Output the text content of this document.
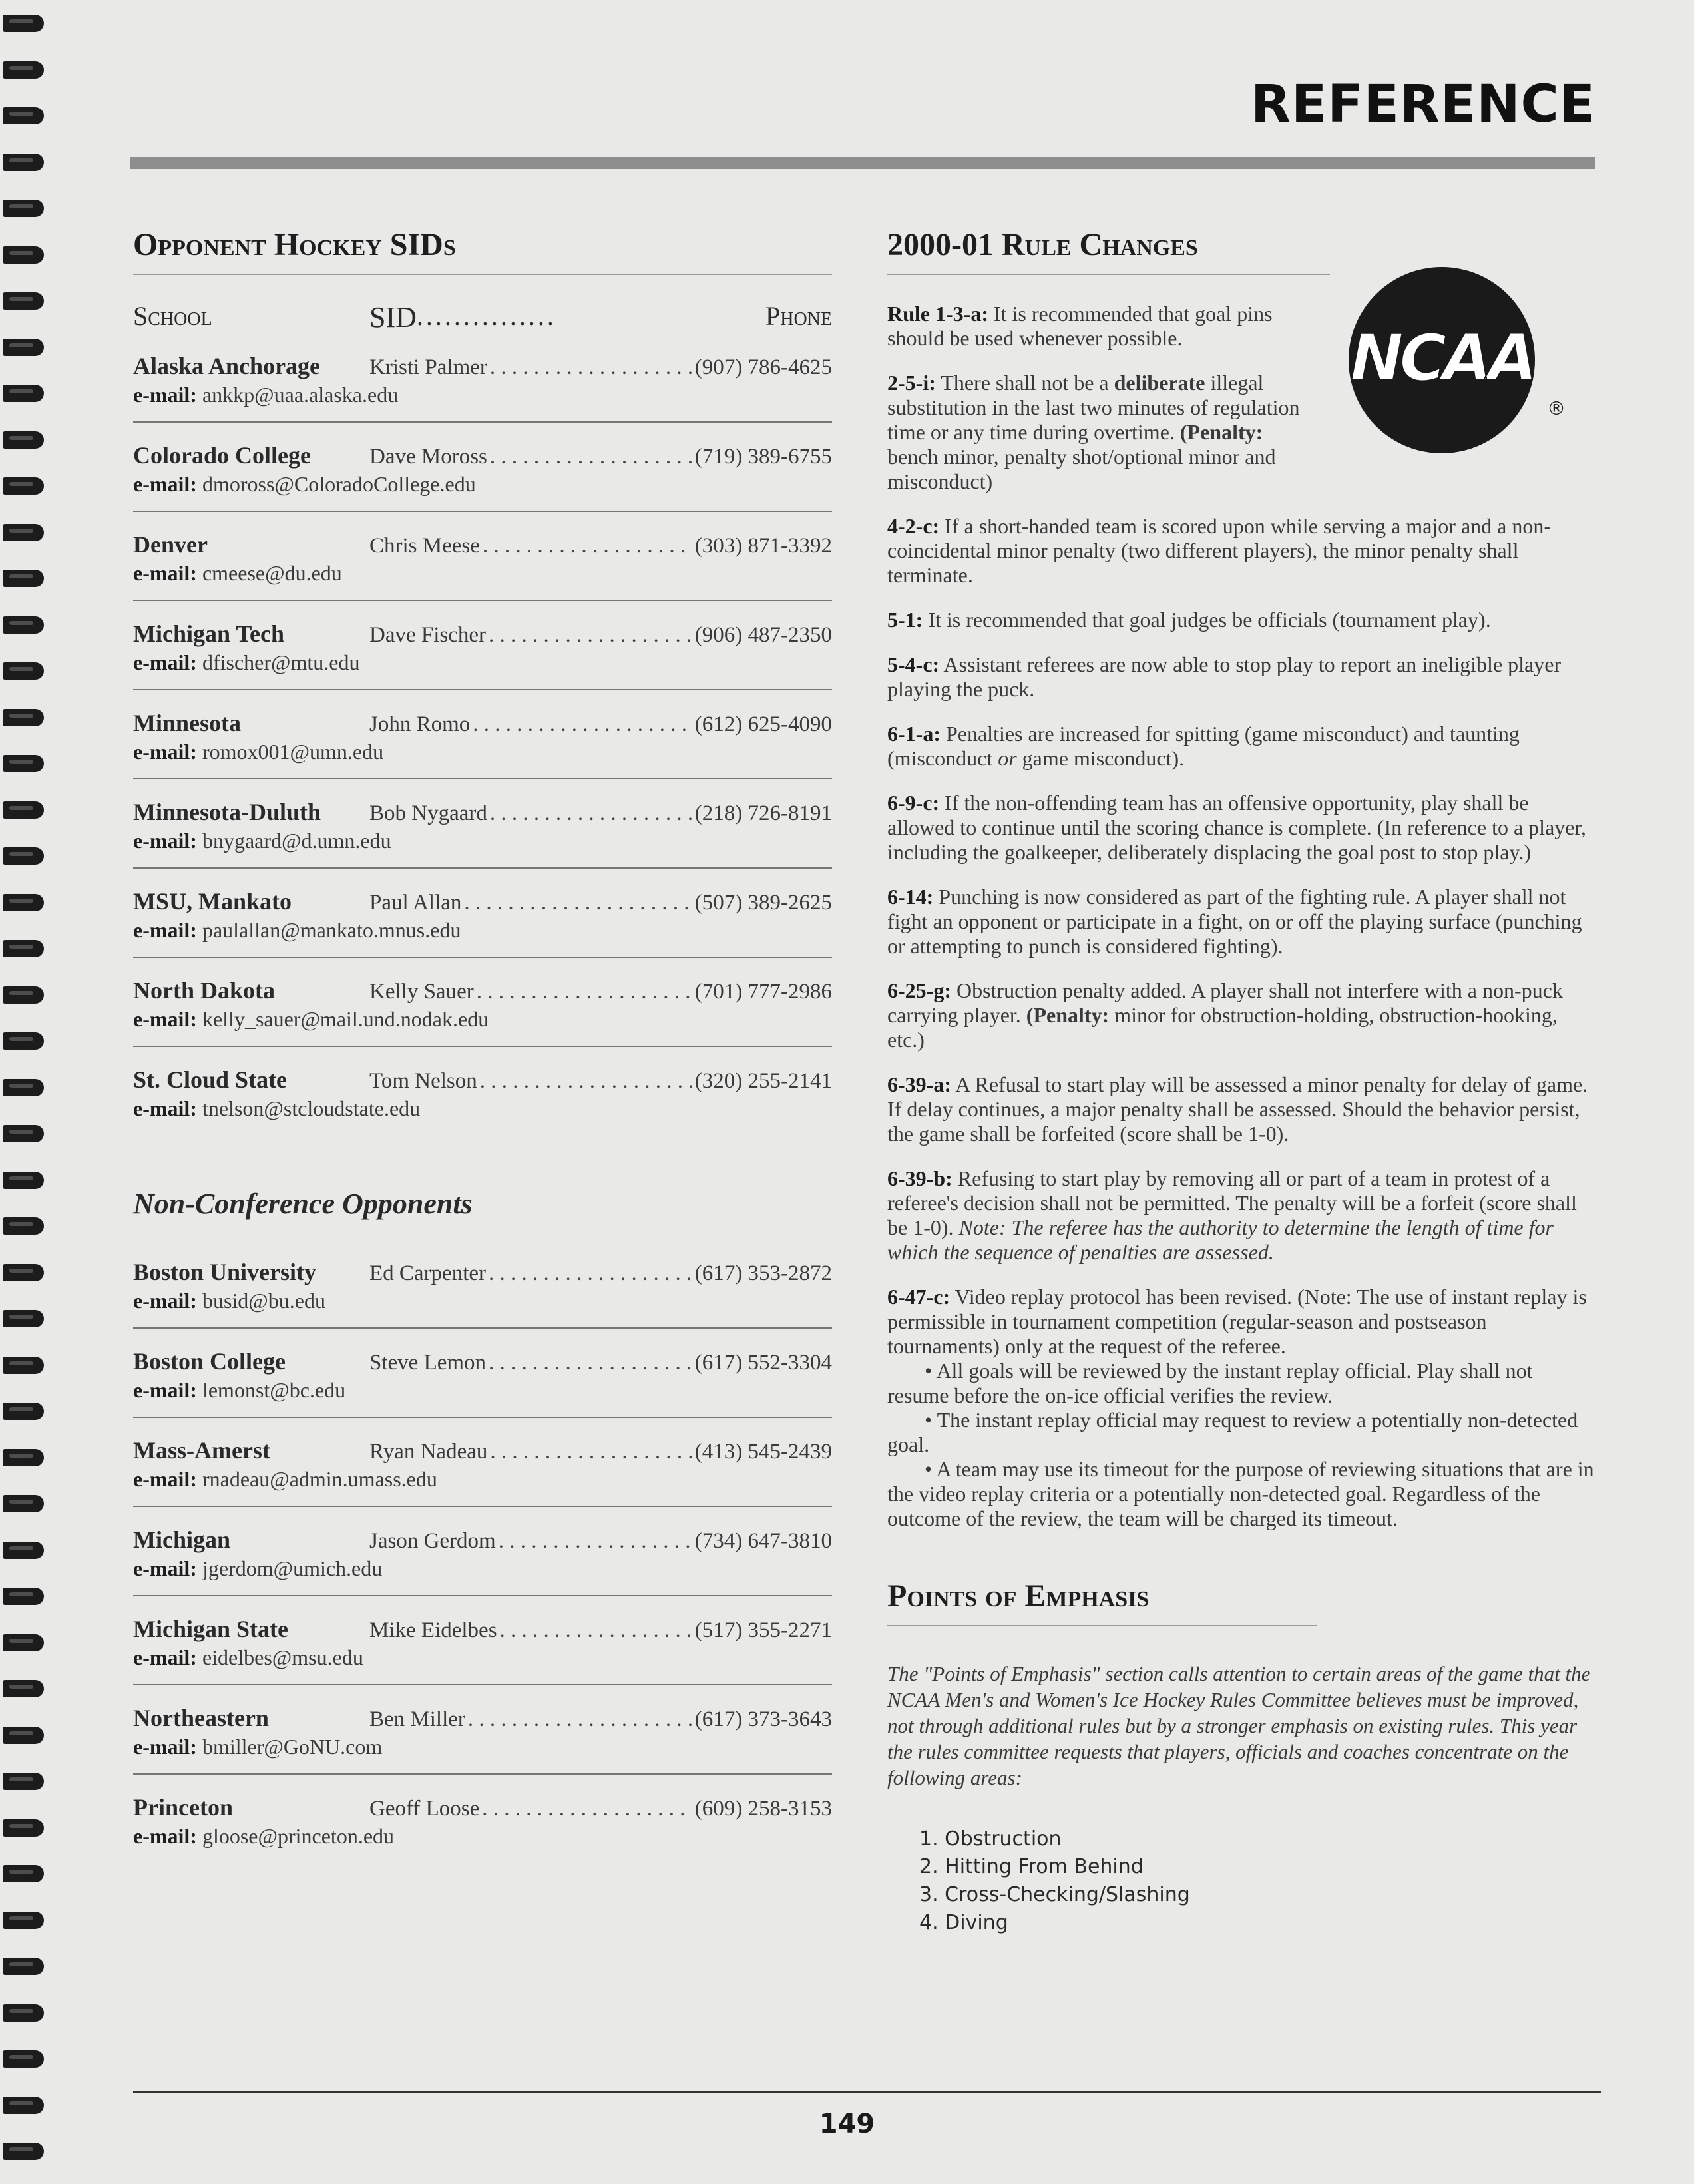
REFERENCE
Opponent Hockey SIDs
School	SID ...............	Phone
Alaska Anchorage	Kristi Palmer . . .	(907) 786-4625
e-mail: ankkp@uaa.alaska.edu
Colorado College	Dave Moross . . .	(719) 389-6755
e-mail: dmoross@ColoradoCollege.edu
Denver	Chris Meese . . .	(303) 871-3392
e-mail: cmeese@du.edu
Michigan Tech	Dave Fischer . . .	(906) 487-2350
e-mail: dfischer@mtu.edu
Minnesota	John Romo . . .	(612) 625-4090
e-mail: romox001@umn.edu
Minnesota-Duluth	Bob Nygaard . . .	(218) 726-8191
e-mail: bnygaard@d.umn.edu
MSU, Mankato	Paul Allan . . .	(507) 389-2625
e-mail: paulallan@mankato.mnus.edu
North Dakota	Kelly Sauer . . .	(701) 777-2986
e-mail: kelly_sauer@mail.und.nodak.edu
St. Cloud State	Tom Nelson . . .	(320) 255-2141
e-mail: tnelson@stcloudstate.edu
Non-Conference Opponents
Boston University	Ed Carpenter . . .	(617) 353-2872
e-mail: busid@bu.edu
Boston College	Steve Lemon . . .	(617) 552-3304
e-mail: lemonst@bc.edu
Mass-Amerst	Ryan Nadeau . . .	(413) 545-2439
e-mail: rnadeau@admin.umass.edu
Michigan	Jason Gerdom . . .	(734) 647-3810
e-mail: jgerdom@umich.edu
Michigan State	Mike Eidelbes . . .	(517) 355-2271
e-mail: eidelbes@msu.edu
Northeastern	Ben Miller . . .	(617) 373-3643
e-mail: bmiller@GoNU.com
Princeton	Geoff Loose . . .	(609) 258-3153
e-mail: gloose@princeton.edu
2000-01 Rule Changes
NCAA
®
Rule 1-3-a: It is recommended that goal pins should be used whenever possible.
2-5-i: There shall not be a deliberate illegal substitution in the last two minutes of regulation time or any time during overtime. (Penalty: bench minor, penalty shot/optional minor and misconduct)
4-2-c: If a short-handed team is scored upon while serving a major and a non-coincidental minor penalty (two different players), the minor penalty shall terminate.
5-1: It is recommended that goal judges be officials (tournament play).
5-4-c: Assistant referees are now able to stop play to report an ineligible player playing the puck.
6-1-a: Penalties are increased for spitting (game misconduct) and taunting (misconduct or game misconduct).
6-9-c: If the non-offending team has an offensive opportunity, play shall be allowed to continue until the scoring chance is complete. (In reference to a player, including the goalkeeper, deliberately displacing the goal post to stop play.)
6-14: Punching is now considered as part of the fighting rule. A player shall not fight an opponent or participate in a fight, on or off the playing surface (punching or attempting to punch is considered fighting).
6-25-g: Obstruction penalty added. A player shall not interfere with a non-puck carrying player. (Penalty: minor for obstruction-holding, obstruction-hooking, etc.)
6-39-a: A Refusal to start play will be assessed a minor penalty for delay of game. If delay continues, a major penalty shall be assessed. Should the behavior persist, the game shall be forfeited (score shall be 1-0).
6-39-b: Refusing to start play by removing all or part of a team in protest of a referee's decision shall not be permitted. The penalty will be a forfeit (score shall be 1-0). Note: The referee has the authority to determine the length of time for which the sequence of penalties are assessed.
6-47-c: Video replay protocol has been revised. (Note: The use of instant replay is permissible in tournament competition (regular-season and postseason tournaments) only at the request of the referee.
• All goals will be reviewed by the instant replay official. Play shall not resume before the on-ice official verifies the review.
• The instant replay official may request to review a potentially non-detected goal.
• A team may use its timeout for the purpose of reviewing situations that are in the video replay criteria or a potentially non-detected goal. Regardless of the outcome of the review, the team will be charged its timeout.
Points of Emphasis
The "Points of Emphasis" section calls attention to certain areas of the game that the NCAA Men's and Women's Ice Hockey Rules Committee believes must be improved, not through additional rules but by a stronger emphasis on existing rules. This year the rules committee requests that players, officials and coaches concentrate on the following areas:
1. Obstruction
2. Hitting From Behind
3. Cross-Checking/Slashing
4. Diving
149
